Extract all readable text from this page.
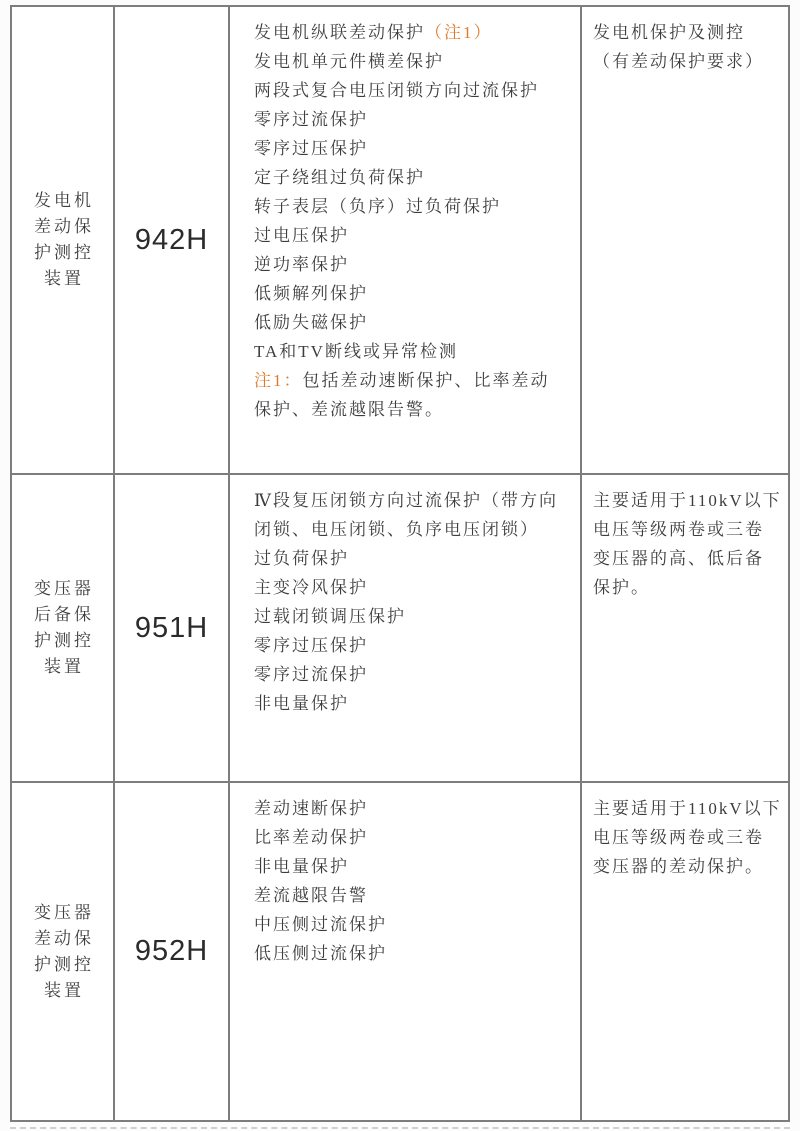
发电机
差动保
护测控
装置
942H
发电机纵联差动保护（注1）
发电机单元件横差保护
两段式复合电压闭锁方向过流保护
零序过流保护
零序过压保护
定子绕组过负荷保护
转子表层（负序）过负荷保护
过电压保护
逆功率保护
低频解列保护
低励失磁保护
TA和TV断线或异常检测
注1：包括差动速断保护、比率差动
保护、差流越限告警。
发电机保护及测控
（有差动保护要求）
变压器
后备保
护测控
装置
951H
Ⅳ段复压闭锁方向过流保护（带方向
闭锁、电压闭锁、负序电压闭锁）
过负荷保护
主变冷风保护
过载闭锁调压保护
零序过压保护
零序过流保护
非电量保护
主要适用于110kV以下
电压等级两卷或三卷
变压器的高、低后备
保护。
变压器
差动保
护测控
装置
952H
差动速断保护
比率差动保护
非电量保护
差流越限告警
中压侧过流保护
低压侧过流保护
主要适用于110kV以下
电压等级两卷或三卷
变压器的差动保护。
